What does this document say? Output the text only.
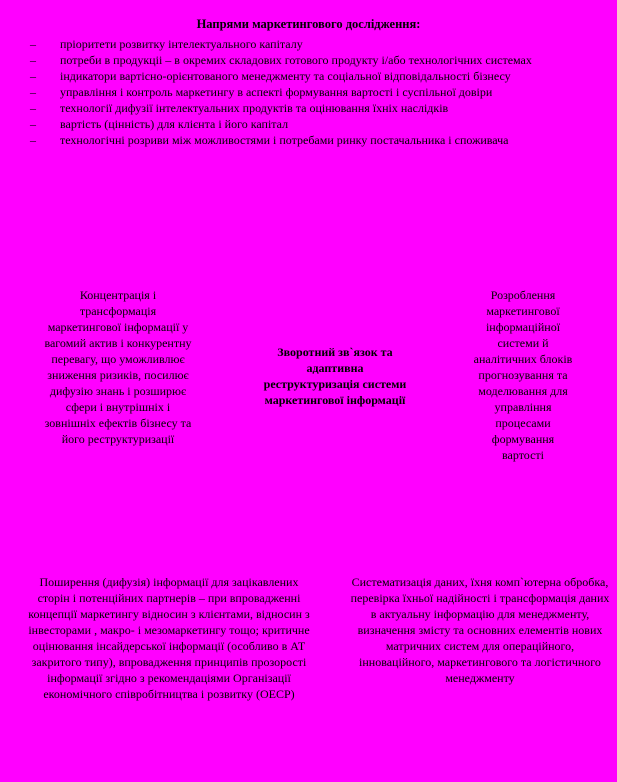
Напрями маркетингового дослідження:
– пріоритети розвитку інтелектуального капіталу
– потреби в продукціі – в окремих складових готового продукту і/або технологічних системах
– індикатори вартісно-орієнтованого менеджменту та соціальної відповідальності бізнесу
– управління і контроль маркетингу в аспекті формування вартості і суспільної довіри
– технології дифузії інтелектуальних продуктів та оцінювання їхніх наслідків
– вартість (цінність) для клієнта і його капітал
– технологічні розриви між можливостями і потребами ринку постачальника і споживача
Концентрація і трансформація маркетингової інформації у вагомий актив і конкурентну перевагу, що уможливлює зниження ризиків, посилює дифузію знань і розширює сфери і внутрішніх і зовнішніх ефектів бізнесу та його реструктуризації
Зворотний зв`язок та адаптивна реструктуризація системи маркетингової інформації
Розроблення маркетингової інформаційної системи й аналітичних блоків прогнозування та моделювання для управління процесами формування вартості
Поширення (дифузія) інформації для зацікавлених сторін і потенційних партнерів – при впровадженні концепції маркетингу відносин з клієнтами, відносин з інвесторами , макро- і мезомаркетингу тощо; критичне оцінювання інсайдерської інформації (особливо в АТ закритого типу), впровадження принципів прозорості інформації згідно з рекомендаціями Організації економічного співробітництва і розвитку (ОЕСР)
Систематизація даних, їхня комп`ютерна обробка, перевірка їхньої надійності і трансформація даних в актуальну інформацію для менеджменту, визначення змісту та основних елементів нових матричних систем для операційного, інноваційного, маркетингового та логістичного менеджменту
